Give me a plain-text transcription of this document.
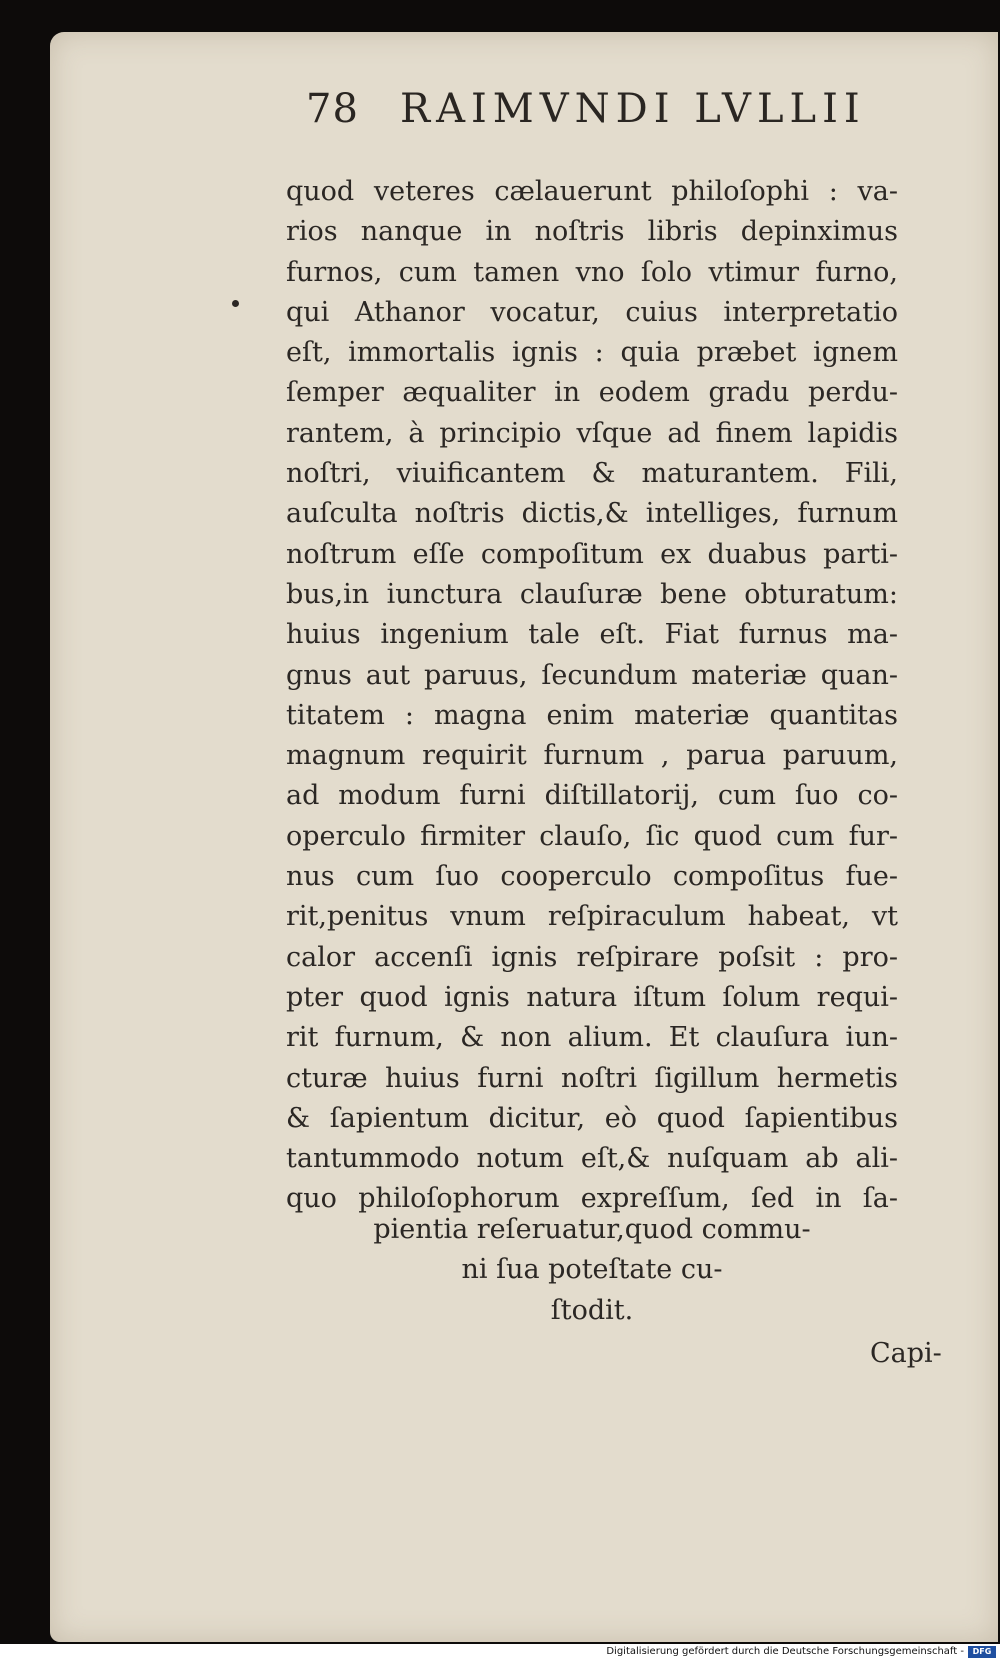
78 RAIMVNDI LVLLII
quod veteres cælauerunt philoſophi : va-
rios nanque in noſtris libris depinximus
furnos, cum tamen vno ſolo vtimur furno,
qui Athanor vocatur, cuius interpretatio
eſt, immortalis ignis : quia præbet ignem
ſemper æqualiter in eodem gradu perdu-
rantem, à principio vſque ad finem lapidis
noſtri, viuificantem & maturantem. Fili,
auſculta noſtris dictis,& intelliges, furnum
noſtrum eſſe compoſitum ex duabus parti-
bus,in iunctura clauſuræ bene obturatum:
huius ingenium tale eſt. Fiat furnus ma-
gnus aut paruus, ſecundum materiæ quan-
titatem : magna enim materiæ quantitas
magnum requirit furnum , parua paruum,
ad modum furni diſtillatorij, cum ſuo co-
operculo firmiter clauſo, ſic quod cum fur-
nus cum ſuo cooperculo compoſitus fue-
rit,penitus vnum reſpiraculum habeat, vt
calor accenſi ignis reſpirare poſsit : pro-
pter quod ignis natura iſtum ſolum requi-
rit furnum, & non alium. Et clauſura iun-
cturæ huius furni noſtri ſigillum hermetis
& ſapientum dicitur, eò quod ſapientibus
tantummodo notum eſt,& nuſquam ab ali-
quo philoſophorum expreſſum, ſed in ſa-
pientia reſeruatur,quod commu-
ni ſua poteſtate cu-
ſtodit.
Capi-
Digitalisierung gefördert durch die Deutsche Forschungsgemeinschaft -	DFG
